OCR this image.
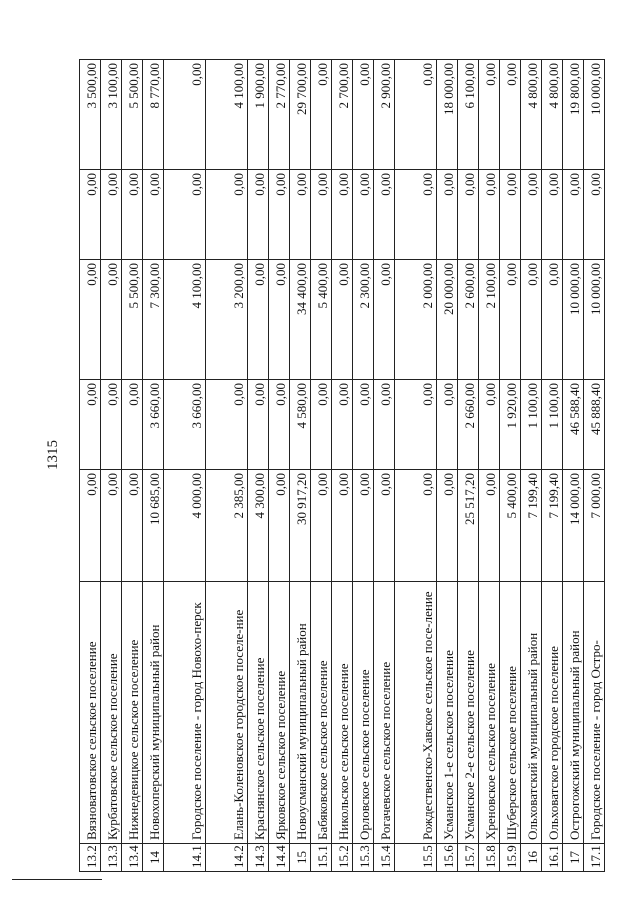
1315
13.2	Вязноватовское сельское поселение	0,00	0,00	0,00	0,00	3 500,00
13.3	Курбатовское сельское поселение	0,00	0,00	0,00	0,00	3 100,00
13.4	Нижнедевицкое сельское поселение	0,00	0,00	5 500,00	0,00	5 500,00
14	Новохоперский муниципальный район	10 685,00	3 660,00	7 300,00	0,00	8 770,00
14.1	Городское поселение - город Новохо-перск	4 000,00	3 660,00	4 100,00	0,00	0,00
14.2	Елань-Коленовское городское поселе-ние	2 385,00	0,00	3 200,00	0,00	4 100,00
14.3	Краснянское сельское поселение	4 300,00	0,00	0,00	0,00	1 900,00
14.4	Ярковское сельское поселение	0,00	0,00	0,00	0,00	2 770,00
15	Новоусманский муниципальный район	30 917,20	4 580,00	34 400,00	0,00	29 700,00
15.1	Бабяковское сельское поселение	0,00	0,00	5 400,00	0,00	0,00
15.2	Никольское сельское поселение	0,00	0,00	0,00	0,00	2 700,00
15.3	Орловское сельское поселение	0,00	0,00	2 300,00	0,00	0,00
15.4	Рогачевское сельское поселение	0,00	0,00	0,00	0,00	2 900,00
15.5	Рождественско-Хавское сельское посе-ление	0,00	0,00	2 000,00	0,00	0,00
15.6	Усманское 1-е сельское поселение	0,00	0,00	20 000,00	0,00	18 000,00
15.7	Усманское 2-е сельское поселение	25 517,20	2 660,00	2 600,00	0,00	6 100,00
15.8	Хреновское сельское поселение	0,00	0,00	2 100,00	0,00	0,00
15.9	Шуберское сельское поселение	5 400,00	1 920,00	0,00	0,00	0,00
16	Ольховатский муниципальный район	7 199,40	1 100,00	0,00	0,00	4 800,00
16.1	Ольховатское городское поселение	7 199,40	1 100,00	0,00	0,00	4 800,00
17	Острогожский муниципальный район	14 000,00	46 588,40	10 000,00	0,00	19 800,00
17.1	Городское поселение - город Остро-	7 000,00	45 888,40	10 000,00	0,00	10 000,00
